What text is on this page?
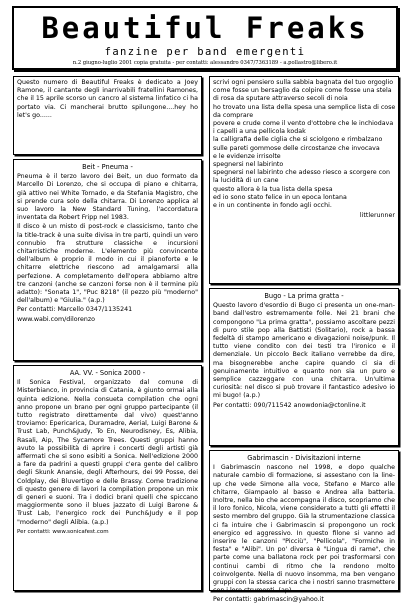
Beautiful Freaks
fanzine per band emergenti
n.2 giugno-luglio 2001 copia gratuita - per contatti: alessandro 0347/7363189 - a.pollastro@libero.it

Questo numero di Beautiful Freaks è dedicato a Joey Ramone, il cantante degli inarrivabili fratellini Ramones, che il 15 aprile scorso un cancro al sistema linfatico ci ha portato via. Ci mancherai brutto spilungone....hey ho let's go......

Beit - Pneuma -

Pneuma è il terzo lavoro dei Beit, un duo formato da Marcello Di Lorenzo, che si occupa di piano e chitarra, già attivo nei White Tornado, e da Stefania Magistro, che si prende cura solo della chitarra. Di Lorenzo applica al suo lavoro la New Standard Tuning, l'accordatura inventata da Robert Fripp nel 1983.

Il disco è un misto di post-rock e classicismo, tanto che la title-track è una suite divisa in tre parti, quindi un vero connubio fra strutture classiche e incursioni chitarristiche moderne. L'elemento più convincente dell'album è proprio il modo in cui il pianoforte e le chitarre elettriche riescono ad amalgamarsi alla perfezione. A completamento dell'opera abbiamo altre tre canzoni (anche se canzoni forse non è il termine più adatto): "Sonata 1", "Puc 8218" (il pezzo più "moderno" dell'album) e "Giulia." (a.p.)

Per contatti: Marcello 0347/1135241

www.wabi.com/dilorenzo

AA. VV. - Sonica 2000 -

Il Sonica Festival, organizzato dal comune di Misterbianco, in provincia di Catania, è giunto ormai alla quinta edizione. Nella consueta compilation che ogni anno propone un brano per ogni gruppo partecipante (il tutto registrato direttamente dal vivo) quest'anno troviamo: Epericarica, Duramadre, Aerial, Luigi Barone & Trust Lab, Punch&Judy, To En, Neurodisney, Es, Alibia, Rasali, Aip, The Sycamore Trees. Questi gruppi hanno avuto la possibilità di aprire i concerti degli artisti già affermati che si sono esibiti a Sonica. Nell'edizione 2000 a fare da padrini a questi gruppi c'era gente del calibro degli Skunk Anansie, degli Afterhours, dei 99 Posse, dei Coldplay, dei Bluvertigo e delle Brassy. Come tradizione di questo genere di lavori la compilation propone un mix di generi e suoni. Tra i dodici brani quelli che spiccano maggiormente sono il blues jazzato di Luigi Barone & Trust Lab, l'energico rock dei Punch&Judy e il pop "moderno" degli Alibia. (a.p.)

Per contatti: www.sonicafest.com

scrivi ogni pensiero sulla sabbia bagnata del tuo orgoglio
come fosse un bersaglio da colpire come fosse una stela
di rosa da sputare attraverso secoli di noia
ho trovato una lista della spesa una semplice lista di cose
da comprare
povere e crude come il vento d'ottobre che le inchiodava
i capelli a una pellicola kodak
la calligrafia delle ciglia che si sciolgono e rimbalzano
sulle pareti gommose delle circostanze che invocava
e le evidenze irrisolte
spegnersi nel labirinto
spegnersi nel labirinto che adesso riesco a scorgere con
la lucidità di un cane
questo allora è la tua lista della spesa
ed io sono stato felice in un epoca lontana
e in un continente in fondo agli occhi.
littlerunner
Bugo - La prima gratta -

Questo lavoro d'esordio di Bugo ci presenta un one-man-band dall'estro estremamente folle. Nei 21 brani che compongono "La prima gratta", possiamo ascoltare pezzi di puro stile pop alla Battisti (Solitario), rock a bassa fedeltà di stampo americano e divagazioni noise/punk. Il tutto viene condito con dei testi tra l'ironico e il demenziale. Un piccolo Beck italiano verrebbe da dire, ma bisognerebbe anche capire quando ci sia di genuinamente intuitivo e quanto non sia un puro e semplice cazzeggare con una chitarra. Un'ultima curiosità: nel disco si può trovare il fantastico adesivo io mi bugo! (a.p.)

Per contatti: 090/711542 anowdonia@ctonline.it

Gabrimascin - Divisitazioni interne

I Gabrimascin nascono nel 1998, e dopo qualche naturale cambio di formazione, si assestano con la line-up che vede Simone alla voce, Stefano e Marco alle chitarre, Giampaolo al basso e Andrea alla batteria. Inoltre, nella bio che accompagna il disco, scopriamo che il loro fonico, Nicola, viene considerato a tutti gli effetti il sesto membro del gruppo. Già la strumentazione classica ci fa intuire che i Gabrimascin si propongono un rock energico ed aggressivo. In questo filone si vanno ad inserire le canzoni "Picciù", "Pellicola", "Formiche in festa" e "Alibi". Un po' diversa è "Lingua di rame", che parte come una ballatona rock per poi trasformarsi con continui cambi di ritmo che la rendono molto coinvolgente. Nella di nuovo insomma, ma ben vengano gruppi con la stessa carica che i nostri sanno trasmettere con i loro strumenti. (ap)

Per contatti: gabrimascin@yahoo.it
